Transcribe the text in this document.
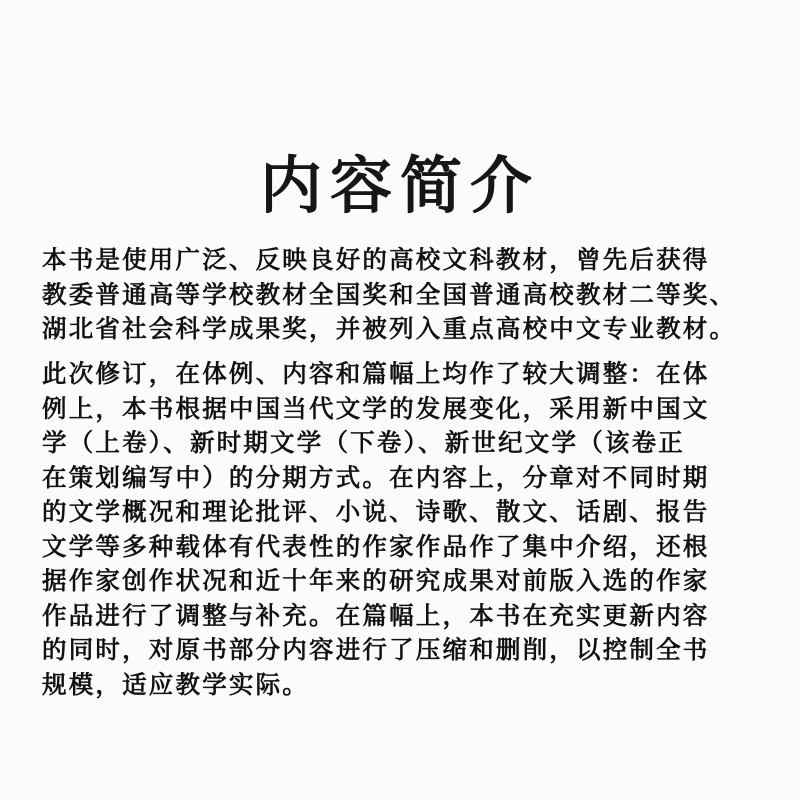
内容简介

本书是使用广泛、反映良好的高校文科教材，曾先后获得
教委普通高等学校教材全国奖和全国普通高校教材二等奖、
湖北省社会科学成果奖，并被列入重点高校中文专业教材。

此次修订，在体例、内容和篇幅上均作了较大调整：在体
例上，本书根据中国当代文学的发展变化，采用新中国文
学（上卷）、新时期文学（下卷）、新世纪文学（该卷正
在策划编写中）的分期方式。在内容上，分章对不同时期
的文学概况和理论批评、小说、诗歌、散文、话剧、报告
文学等多种载体有代表性的作家作品作了集中介绍，还根
据作家创作状况和近十年来的研究成果对前版入选的作家
作品进行了调整与补充。在篇幅上，本书在充实更新内容
的同时，对原书部分内容进行了压缩和删削，以控制全书
规模，适应教学实际。
